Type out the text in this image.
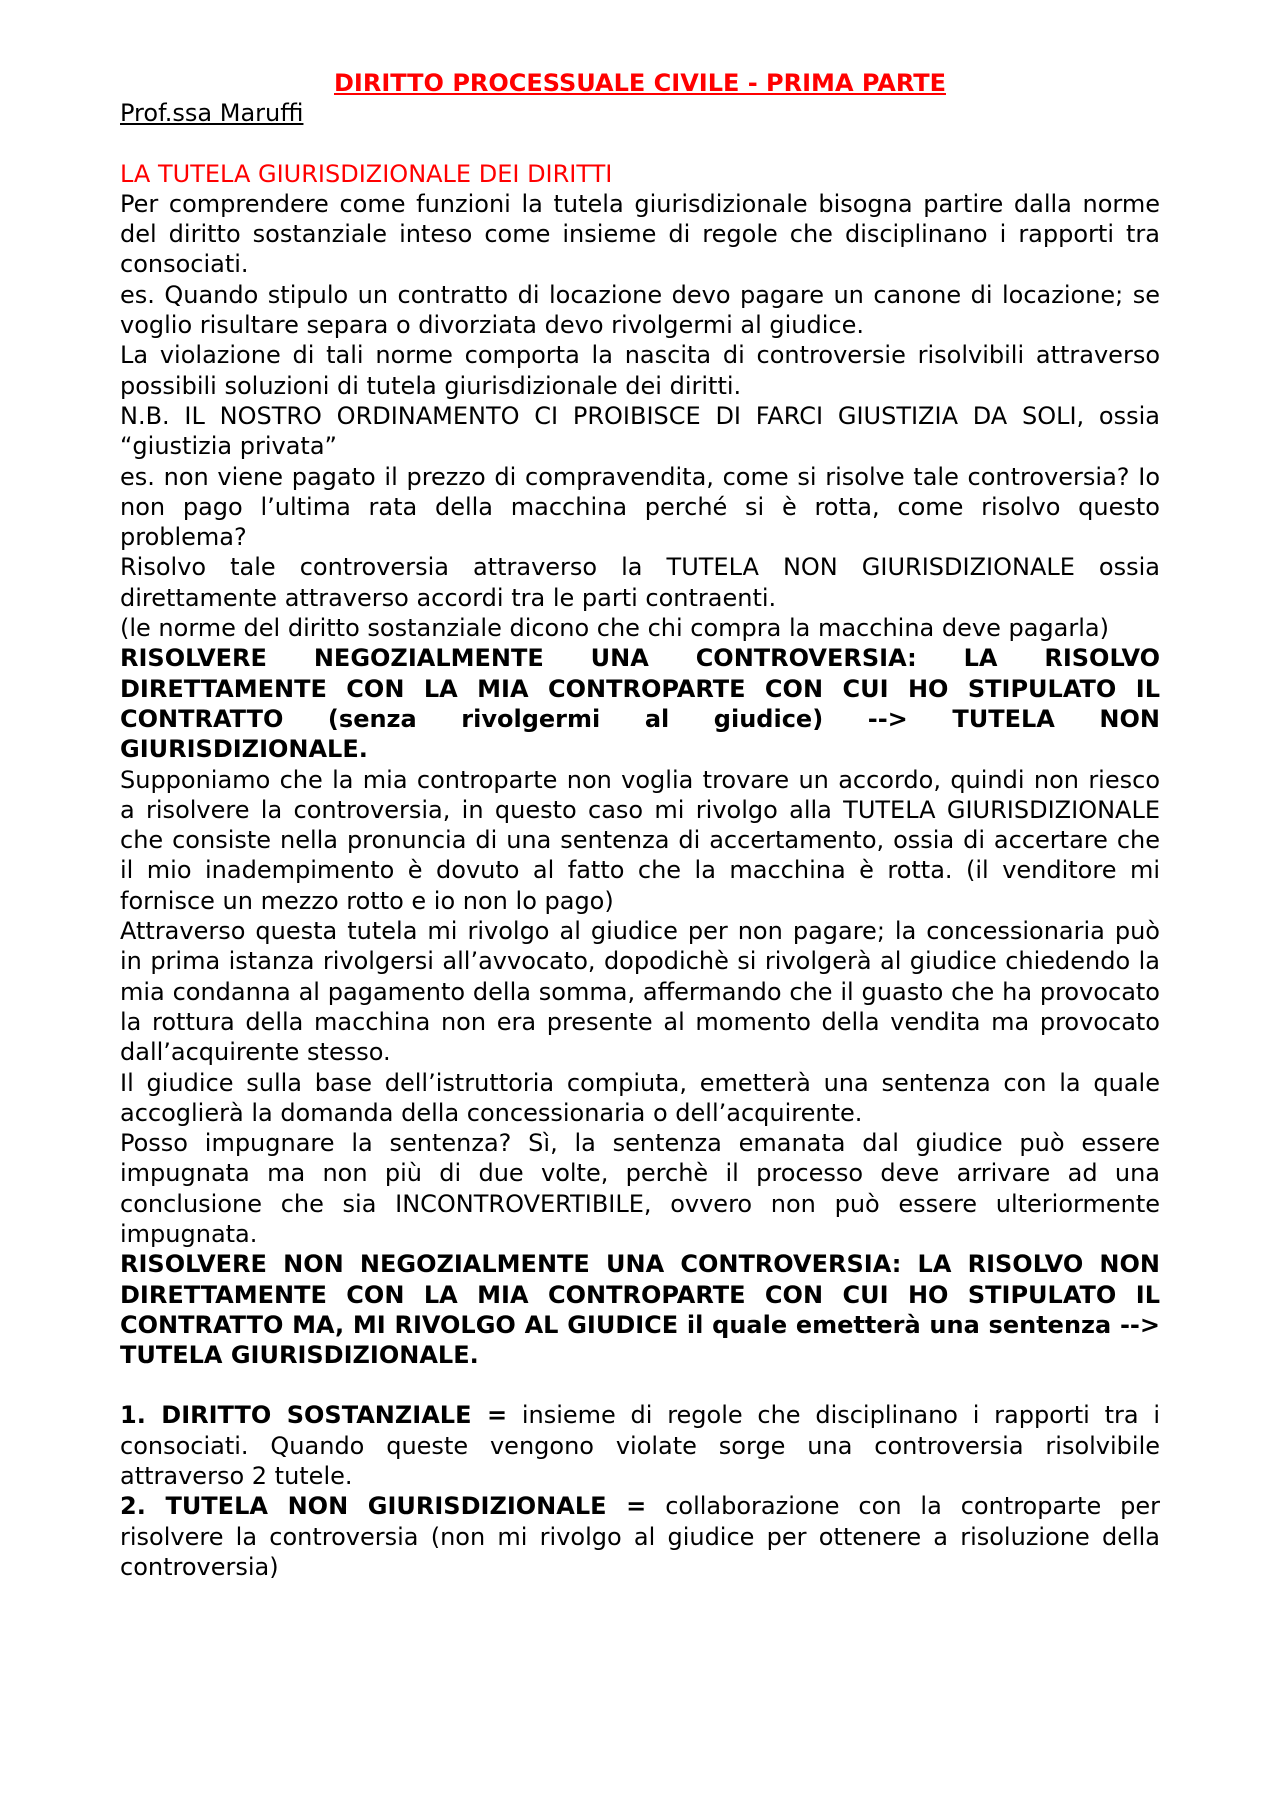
DIRITTO PROCESSUALE CIVILE - PRIMA PARTE

Prof.ssa Maruffi

LA TUTELA GIURISDIZIONALE DEI DIRITTI

Per comprendere come funzioni la tutela giurisdizionale bisogna partire dalla norme del diritto sostanziale inteso come insieme di regole che disciplinano i rapporti tra consociati.

es. Quando stipulo un contratto di locazione devo pagare un canone di locazione; se voglio risultare separa o divorziata devo rivolgermi al giudice.

La violazione di tali norme comporta la nascita di controversie risolvibili attraverso possibili soluzioni di tutela giurisdizionale dei diritti.

N.B. IL NOSTRO ORDINAMENTO CI PROIBISCE DI FARCI GIUSTIZIA DA SOLI, ossia “giustizia privata”

es. non viene pagato il prezzo di compravendita, come si risolve tale controversia? Io non pago l’ultima rata della macchina perché si è rotta, come risolvo questo problema?

Risolvo tale controversia attraverso la TUTELA NON GIURISDIZIONALE ossia direttamente attraverso accordi tra le parti contraenti.

(le norme del diritto sostanziale dicono che chi compra la macchina deve pagarla)

RISOLVERE NEGOZIALMENTE UNA CONTROVERSIA: LA RISOLVO DIRETTAMENTE CON LA MIA CONTROPARTE CON CUI HO STIPULATO IL CONTRATTO (senza rivolgermi al giudice) --> TUTELA NON GIURISDIZIONALE.

Supponiamo che la mia controparte non voglia trovare un accordo, quindi non riesco a risolvere la controversia, in questo caso mi rivolgo alla TUTELA GIURISDIZIONALE che consiste nella pronuncia di una sentenza di accertamento, ossia di accertare che il mio inadempimento è dovuto al fatto che la macchina è rotta. (il venditore mi fornisce un mezzo rotto e io non lo pago)

Attraverso questa tutela mi rivolgo al giudice per non pagare; la concessionaria può in prima istanza rivolgersi all’avvocato, dopodichè si rivolgerà al giudice chiedendo la mia condanna al pagamento della somma, affermando che il guasto che ha provocato la rottura della macchina non era presente al momento della vendita ma provocato dall’acquirente stesso.

Il giudice sulla base dell’istruttoria compiuta, emetterà una sentenza con la quale accoglierà la domanda della concessionaria o dell’acquirente.

Posso impugnare la sentenza? Sì, la sentenza emanata dal giudice può essere impugnata ma non più di due volte, perchè il processo deve arrivare ad una conclusione che sia INCONTROVERTIBILE, ovvero non può essere ulteriormente impugnata.

RISOLVERE NON NEGOZIALMENTE UNA CONTROVERSIA: LA RISOLVO NON DIRETTAMENTE CON LA MIA CONTROPARTE CON CUI HO STIPULATO IL CONTRATTO MA, MI RIVOLGO AL GIUDICE il quale emetterà una sentenza --> TUTELA GIURISDIZIONALE.

1. DIRITTO SOSTANZIALE = insieme di regole che disciplinano i rapporti tra i consociati. Quando queste vengono violate sorge una controversia risolvibile attraverso 2 tutele.

2. TUTELA NON GIURISDIZIONALE = collaborazione con la controparte per risolvere la controversia (non mi rivolgo al giudice per ottenere a risoluzione della controversia)
